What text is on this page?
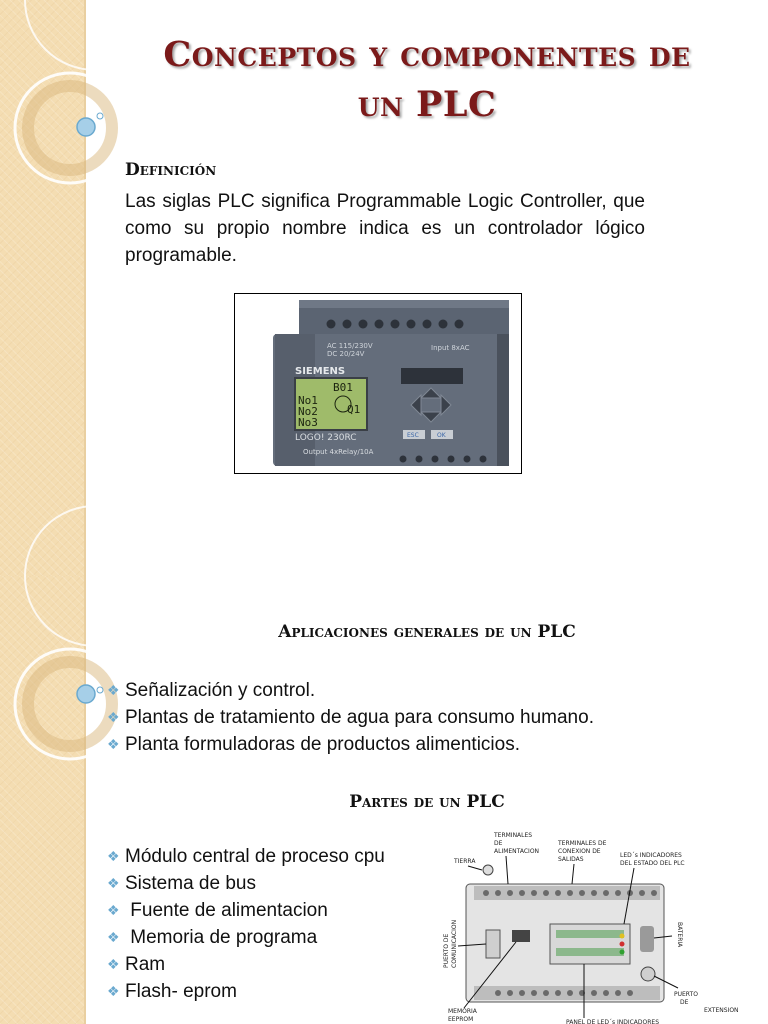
Conceptos y componentes de
un PLC
Definición

Las siglas PLC significa Programmable Logic Controller, que como su propio nombre indica es un controlador lógico programable.

AC 115/230V
DC 20/24V
Input 8xAC
SIEMENS
B01
No1
No2
No3
Q1
LOGO! 230RC
Output 4xRelay/10A
ESC	OK
Aplicaciones generales de un PLC
❖ Señalización y control.
❖ Plantas de tratamiento de agua para consumo humano.
❖ Planta formuladoras de productos alimenticios.
Partes de un PLC
❖ Módulo central de proceso cpu
❖ Sistema de bus
❖ Fuente de alimentacion
❖ Memoria de programa
❖ Ram
❖ Flash- eprom
TERMINALES
DE
ALIMENTACION
TERMINALES DE
CONEXION DE
SALIDAS
LED´s INDICADORES
DEL ESTADO DEL PLC
TIERRA
EXTENSION
PUERTO
DE
MEMORIA
EEPROM	PANEL DE LED´s INDICADORES
PUERTO DE COMUNICACION	BATERIA
